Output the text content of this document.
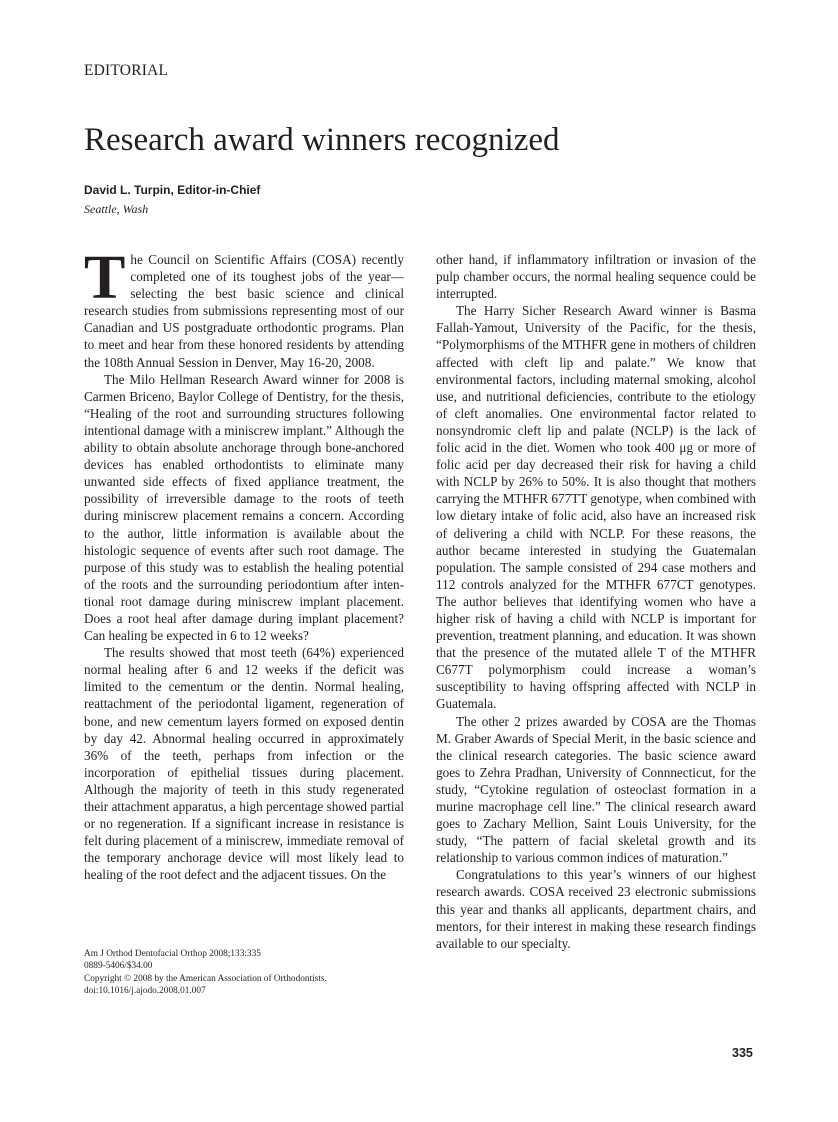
EDITORIAL
Research award winners recognized
David L. Turpin, Editor-in-Chief
Seattle, Wash

The Council on Scientific Affairs (COSA) recently completed one of its toughest jobs of the year—selecting the best basic science and clinical research studies from submissions representing most of our Canadian and US postgraduate orthodontic programs. Plan to meet and hear from these honored residents by attending the 108th Annual Session in Denver, May 16-20, 2008.

The Milo Hellman Research Award winner for 2008 is Carmen Briceno, Baylor College of Dentistry, for the thesis, “Healing of the root and surrounding structures following intentional damage with a miniscrew implant.” Although the ability to obtain absolute anchorage through bone-anchored devices has enabled orthodontists to eliminate many unwanted side effects of fixed appliance treatment, the possibility of irreversible damage to the roots of teeth during miniscrew placement remains a concern. According to the author, little information is available about the histologic sequence of events after such root damage. The purpose of this study was to establish the healing potential of the roots and the surrounding periodontium after intentional root damage during miniscrew implant placement. Does a root heal after damage during implant placement? Can healing be expected in 6 to 12 weeks?

The results showed that most teeth (64%) experienced normal healing after 6 and 12 weeks if the deficit was limited to the cementum or the dentin. Normal healing, reattachment of the periodontal ligament, regeneration of bone, and new cementum layers formed on exposed dentin by day 42. Abnormal healing occurred in approximately 36% of the teeth, perhaps from infection or the incorporation of epithelial tissues during placement. Although the majority of teeth in this study regenerated their attachment apparatus, a high percentage showed partial or no regeneration. If a significant increase in resistance is felt during placement of a miniscrew, immediate removal of the temporary anchorage device will most likely lead to healing of the root defect and the adjacent tissues. On the

other hand, if inflammatory infiltration or invasion of the pulp chamber occurs, the normal healing sequence could be interrupted.

The Harry Sicher Research Award winner is Basma Fallah-Yamout, University of the Pacific, for the thesis, “Polymorphisms of the MTHFR gene in mothers of children affected with cleft lip and palate.” We know that environmental factors, including maternal smoking, alcohol use, and nutritional deficiencies, contribute to the etiology of cleft anomalies. One environmental factor related to nonsyndromic cleft lip and palate (NCLP) is the lack of folic acid in the diet. Women who took 400 μg or more of folic acid per day decreased their risk for having a child with NCLP by 26% to 50%. It is also thought that mothers carrying the MTHFR 677TT genotype, when combined with low dietary intake of folic acid, also have an increased risk of delivering a child with NCLP. For these reasons, the author became interested in studying the Guatemalan population. The sample consisted of 294 case mothers and 112 controls analyzed for the MTHFR 677CT genotypes. The author believes that identifying women who have a higher risk of having a child with NCLP is important for prevention, treatment planning, and education. It was shown that the presence of the mutated allele T of the MTHFR C677T polymorphism could increase a woman’s susceptibility to having offspring affected with NCLP in Guatemala.

The other 2 prizes awarded by COSA are the Thomas M. Graber Awards of Special Merit, in the basic science and the clinical research categories. The basic science award goes to Zehra Pradhan, University of Connnecticut, for the study, “Cytokine regulation of osteoclast formation in a murine macrophage cell line.” The clinical research award goes to Zachary Mellion, Saint Louis University, for the study, “The pattern of facial skeletal growth and its relationship to various common indices of maturation.”

Congratulations to this year’s winners of our highest research awards. COSA received 23 electronic submissions this year and thanks all applicants, department chairs, and mentors, for their interest in making these research findings available to our specialty.

Am J Orthod Dentofacial Orthop 2008;133:335
0889-5406/$34.00
Copyright © 2008 by the American Association of Orthodontists.
doi:10.1016/j.ajodo.2008.01.007
335
